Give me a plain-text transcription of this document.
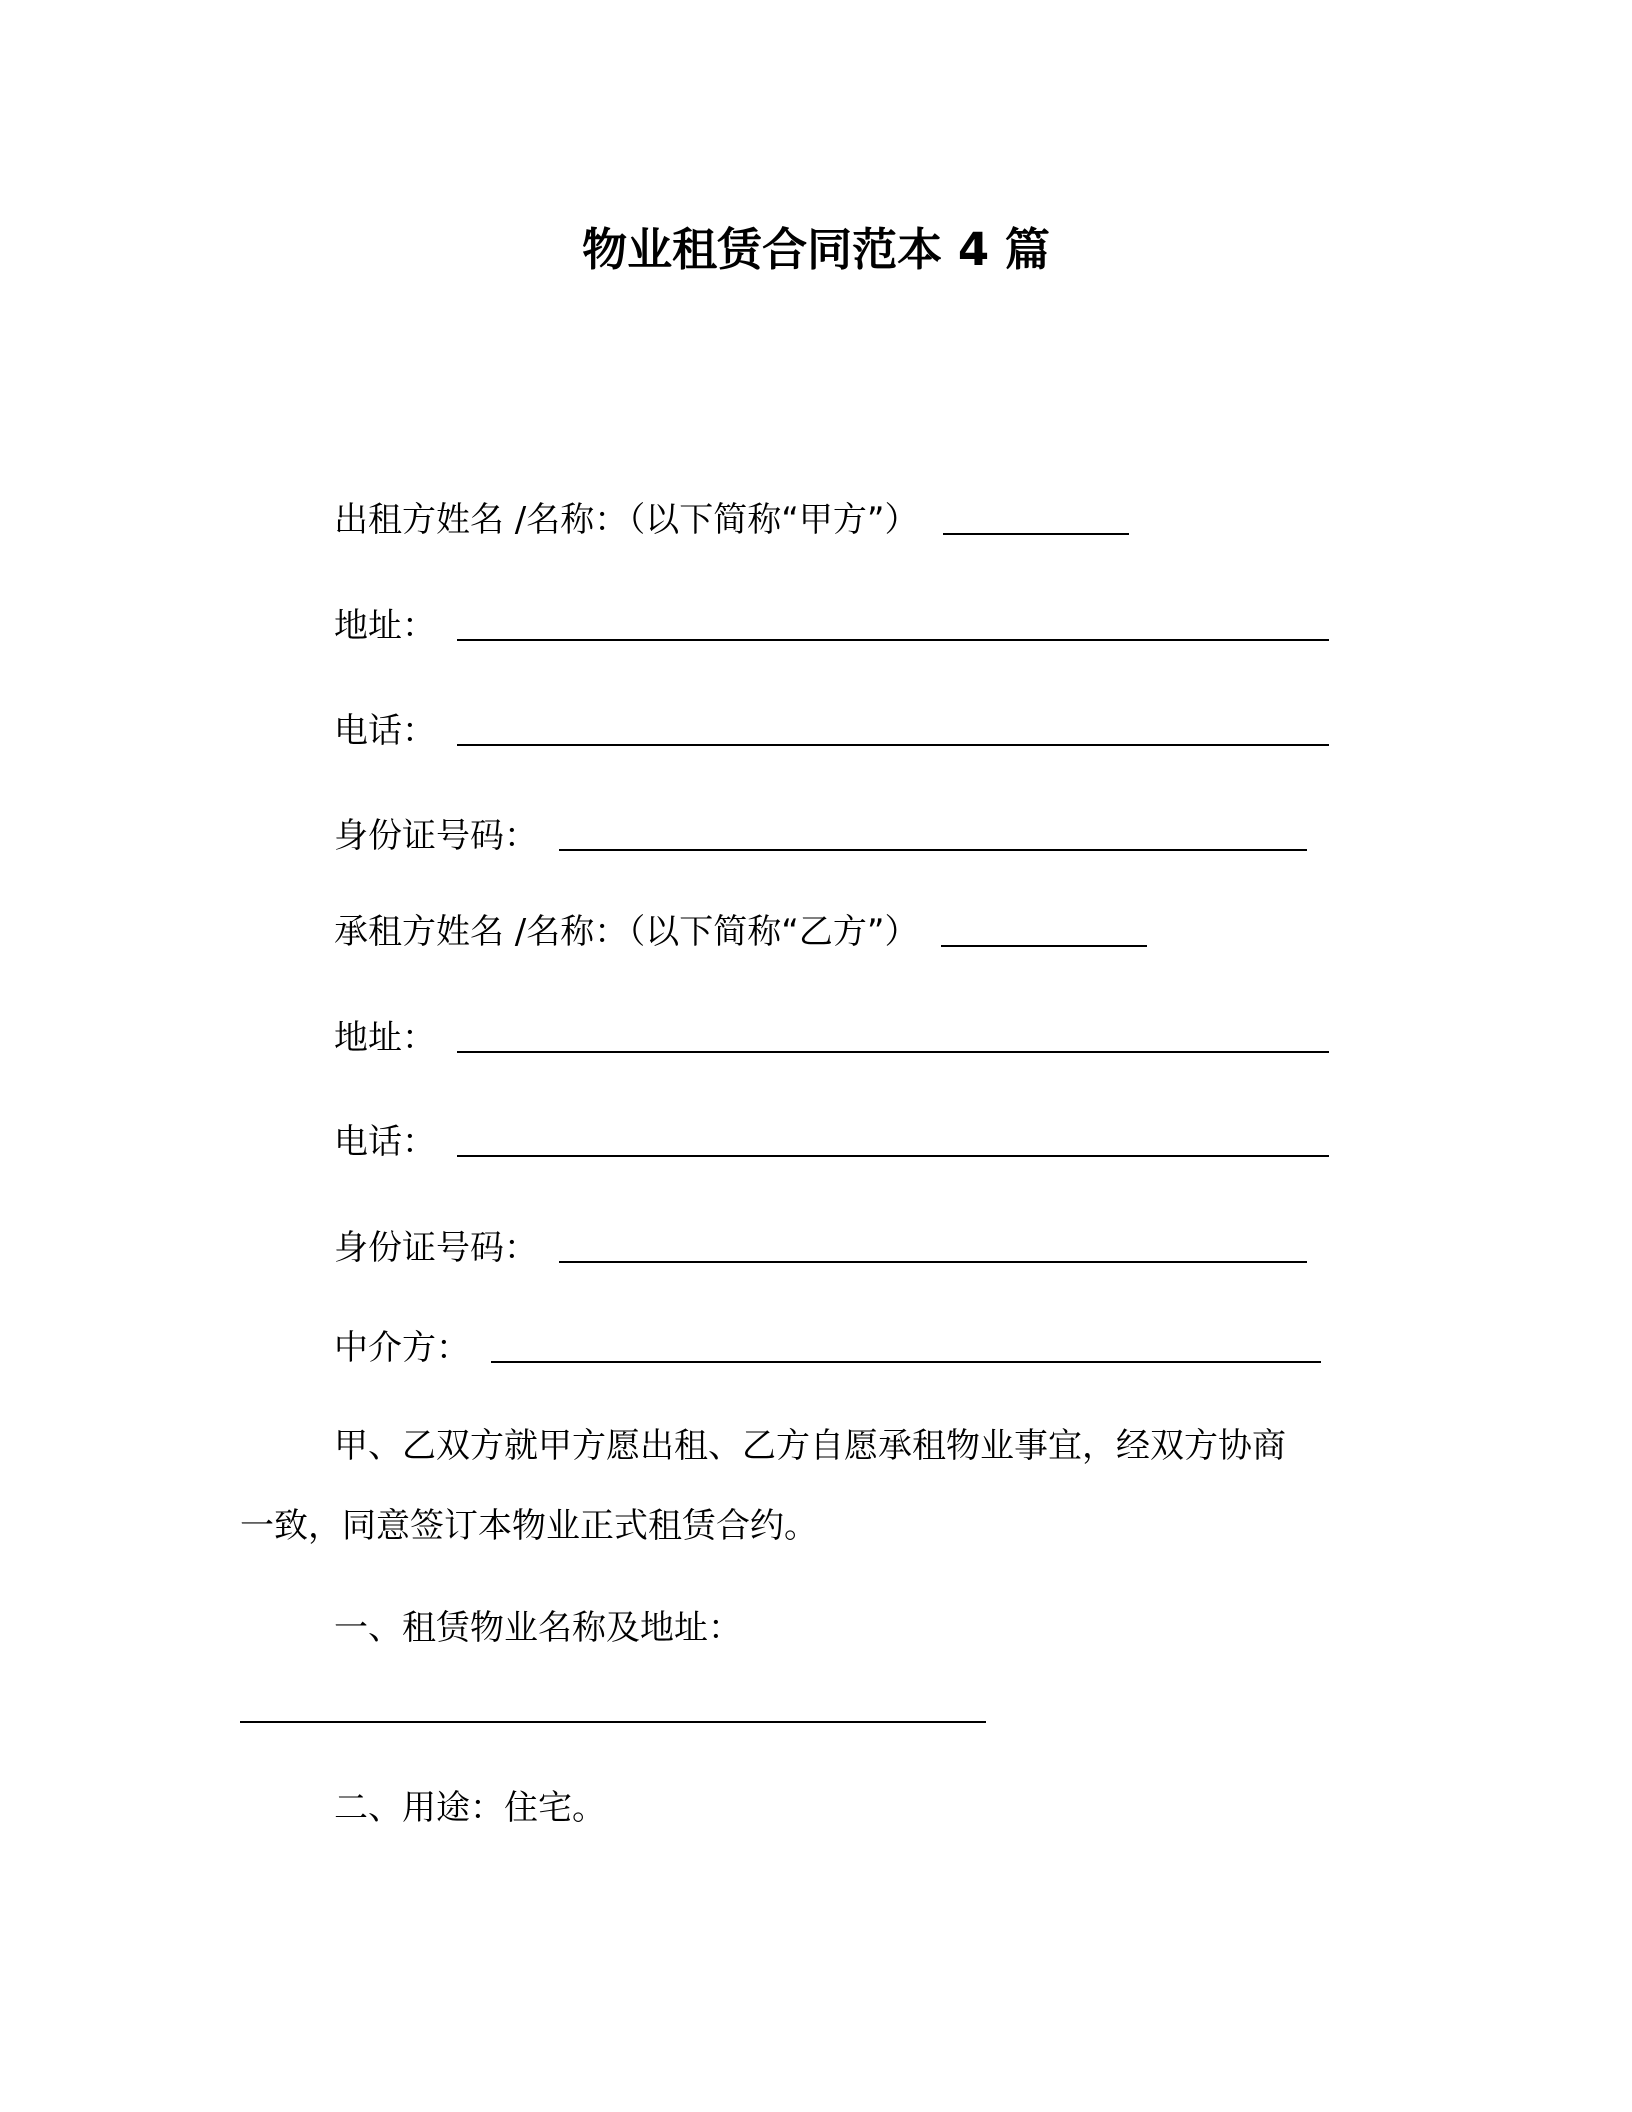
物业租赁合同范本 4 篇
出租方姓名 /名称：（以下简称“甲方”）
地址：
电话：
身份证号码：
承租方姓名 /名称：（以下简称“乙方”）
地址：
电话：
身份证号码：
中介方：
甲、乙双方就甲方愿出租、乙方自愿承租物业事宜，经双方协商
一致，同意签订本物业正式租赁合约。
一、租赁物业名称及地址：
二、用途：住宅。
